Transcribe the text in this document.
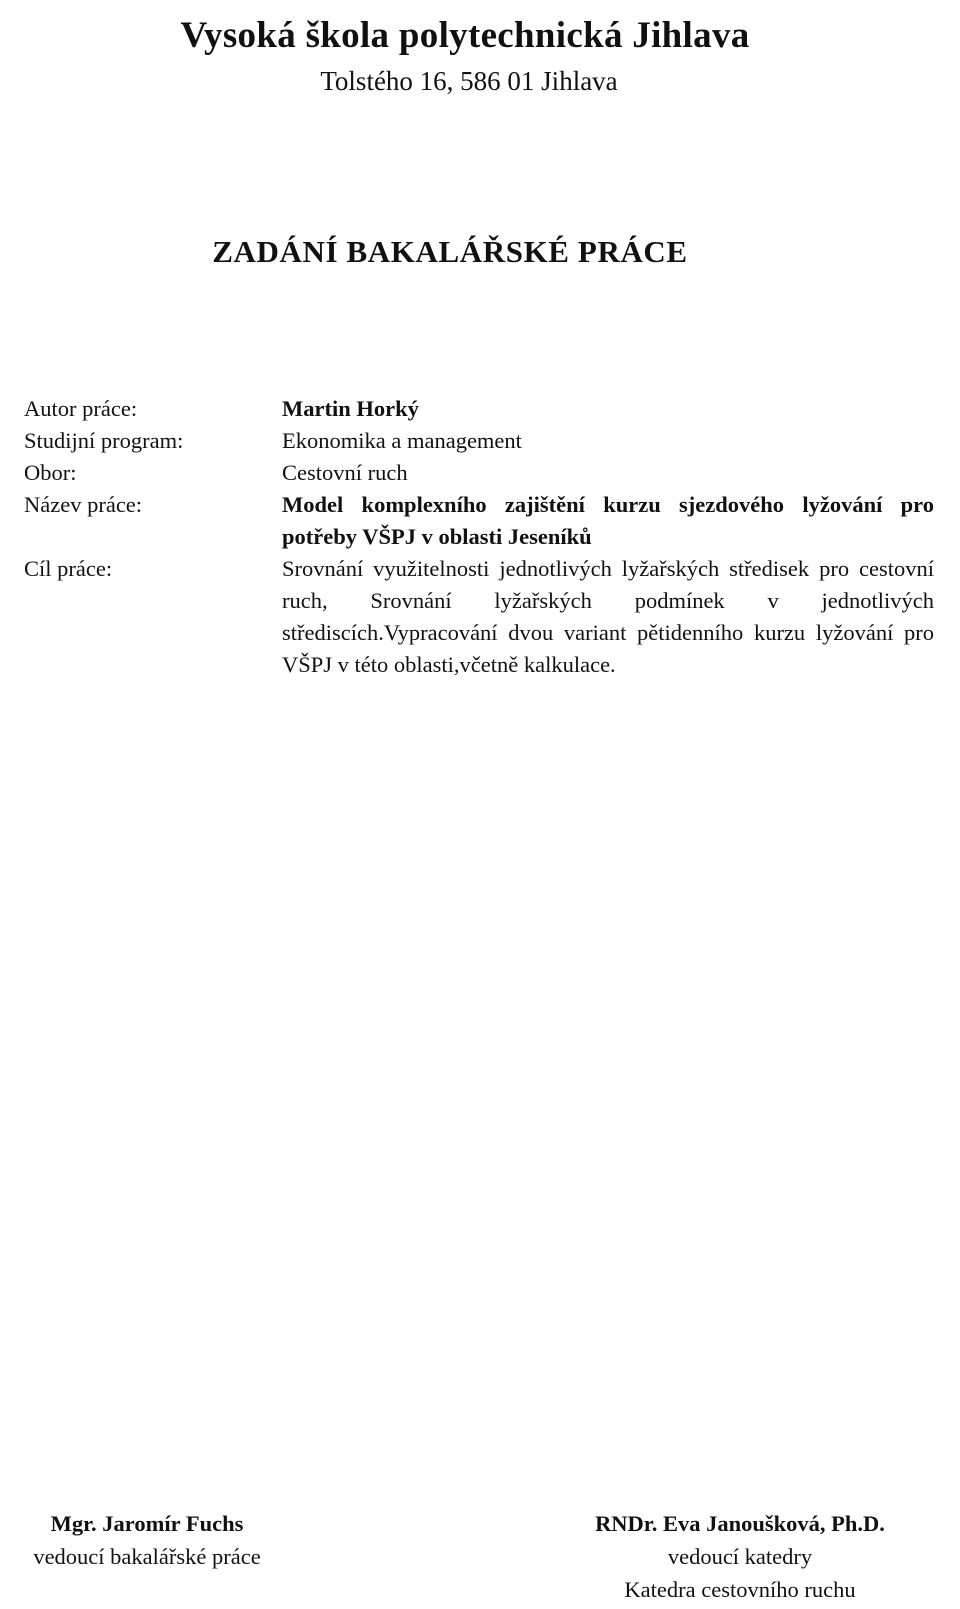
Vysoká škola polytechnická Jihlava
Tolstého 16, 586 01 Jihlava
ZADÁNÍ BAKALÁŘSKÉ PRÁCE
Autor práce:	Martin Horký
Studijní program:	Ekonomika a management
Obor:	Cestovní ruch
Název práce:	Model komplexního zajištění kurzu sjezdového lyžování pro potřeby VŠPJ v oblasti Jeseníků
Cíl práce:	Srovnání využitelnosti jednotlivých lyžařských středisek pro cestovní ruch, Srovnání lyžařských podmínek v jednotlivých střediscích.Vypracování dvou variant pětidenního kurzu lyžování pro VŠPJ v této oblasti,včetně kalkulace.
Mgr. Jaromír Fuchs
vedoucí bakalářské práce
RNDr. Eva Janoušková, Ph.D.
vedoucí katedry
Katedra cestovního ruchu
